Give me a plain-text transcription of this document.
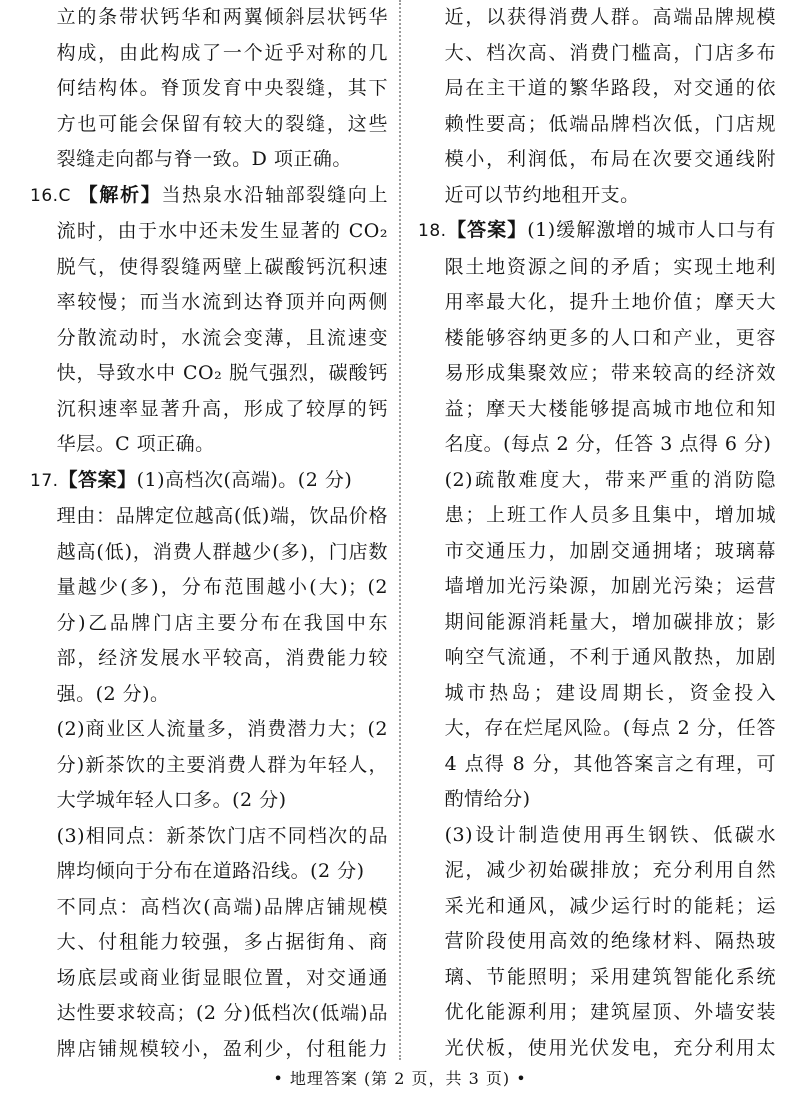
立的条带状钙华和两翼倾斜层状钙华构成，由此构成了一个近乎对称的几何结构体。脊顶发育中央裂缝，其下方也可能会保留有较大的裂缝，这些裂缝走向都与脊一致。D 项正确。

16.C 【解析】当热泉水沿轴部裂缝向上流时，由于水中还未发生显著的 CO₂ 脱气，使得裂缝两壁上碳酸钙沉积速率较慢；而当水流到达脊顶并向两侧分散流动时，水流会变薄，且流速变快，导致水中 CO₂ 脱气强烈，碳酸钙沉积速率显著升高，形成了较厚的钙华层。C 项正确。

17.【答案】(1)高档次(高端)。(2 分)

理由：品牌定位越高(低)端，饮品价格越高(低)，消费人群越少(多)，门店数量越少(多)，分布范围越小(大)；(2 分)乙品牌门店主要分布在我国中东部，经济发展水平较高，消费能力较强。(2 分)。

(2)商业区人流量多，消费潜力大；(2 分)新茶饮的主要消费人群为年轻人，大学城年轻人口多。(2 分)

(3)相同点：新茶饮门店不同档次的品牌均倾向于分布在道路沿线。(2 分)

不同点：高档次(高端)品牌店铺规模大、付租能力较强，多占据街角、商场底层或商业街显眼位置，对交通通达性要求较高；(2 分)低档次(低端)品牌店铺规模较小，盈利少，付租能力

近，以获得消费人群。高端品牌规模大、档次高、消费门槛高，门店多布局在主干道的繁华路段，对交通的依赖性要高；低端品牌档次低，门店规模小，利润低，布局在次要交通线附近可以节约地租开支。

18.【答案】(1)缓解激增的城市人口与有限土地资源之间的矛盾；实现土地利用率最大化，提升土地价值；摩天大楼能够容纳更多的人口和产业，更容易形成集聚效应；带来较高的经济效益；摩天大楼能够提高城市地位和知名度。(每点 2 分，任答 3 点得 6 分)

(2)疏散难度大，带来严重的消防隐患；上班工作人员多且集中，增加城市交通压力，加剧交通拥堵；玻璃幕墙增加光污染源，加剧光污染；运营期间能源消耗量大，增加碳排放；影响空气流通，不利于通风散热，加剧城市热岛；建设周期长，资金投入大，存在烂尾风险。(每点 2 分，任答 4 点得 8 分，其他答案言之有理，可酌情给分)

(3)设计制造使用再生钢铁、低碳水泥，减少初始碳排放；充分利用自然采光和通风，减少运行时的能耗；运营阶段使用高效的绝缘材料、隔热玻璃、节能照明；采用建筑智能化系统优化能源利用；建筑屋顶、外墙安装光伏板，使用光伏发电，充分利用太

• 地理答案 (第 2 页，共 3 页) •
